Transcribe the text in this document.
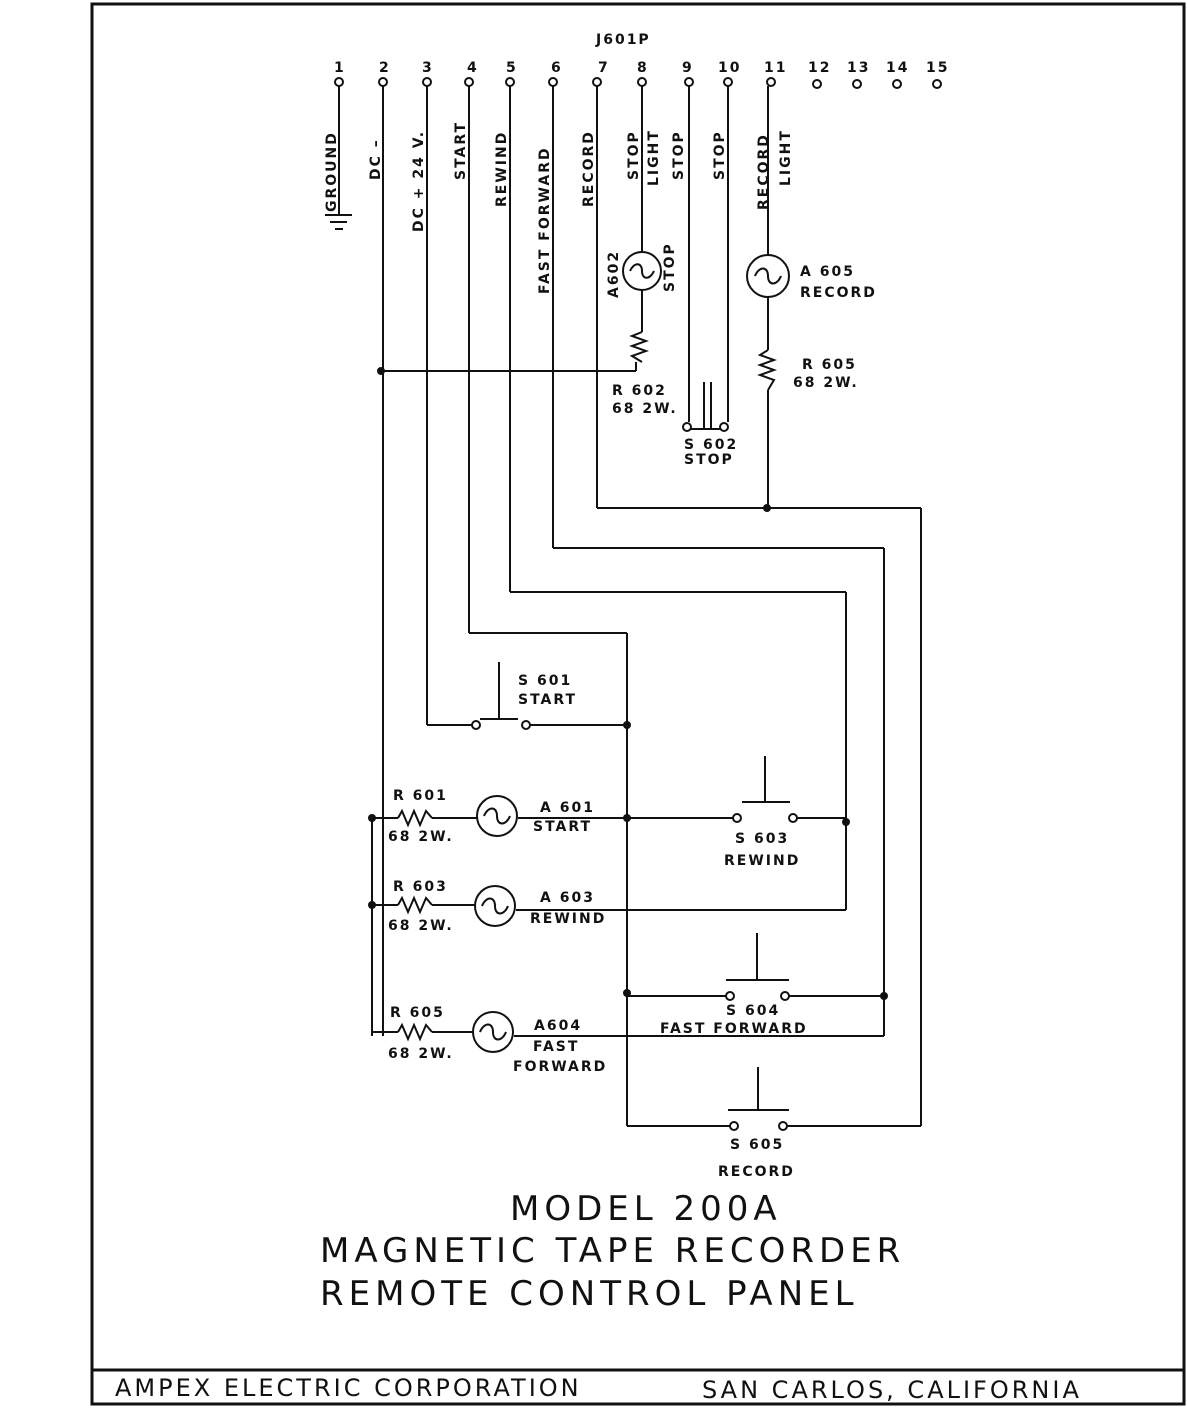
J601P
1 2 3 4 5 6	7 8 9 10 11 12 13 14 15
GROUND DC – DC + 24 V. START REWIND FAST FORWARD RECORD STOP LIGHT STOP STOP RECORD LIGHT
A602	STOP	A 605
RECORD
R 602
68 2W.
R 605
68 2W.
S 602
STOP
S 601
START
R 601
68 2W.
A 601
START
S 603
REWIND
R 603
68 2W.
A 603
REWIND
S 604
FAST FORWARD
R 605
68 2W.
A604
FAST
FORWARD
S 605
RECORD
MODEL 200A
MAGNETIC TAPE RECORDER
REMOTE CONTROL PANEL
AMPEX ELECTRIC CORPORATION	SAN CARLOS, CALIFORNIA
